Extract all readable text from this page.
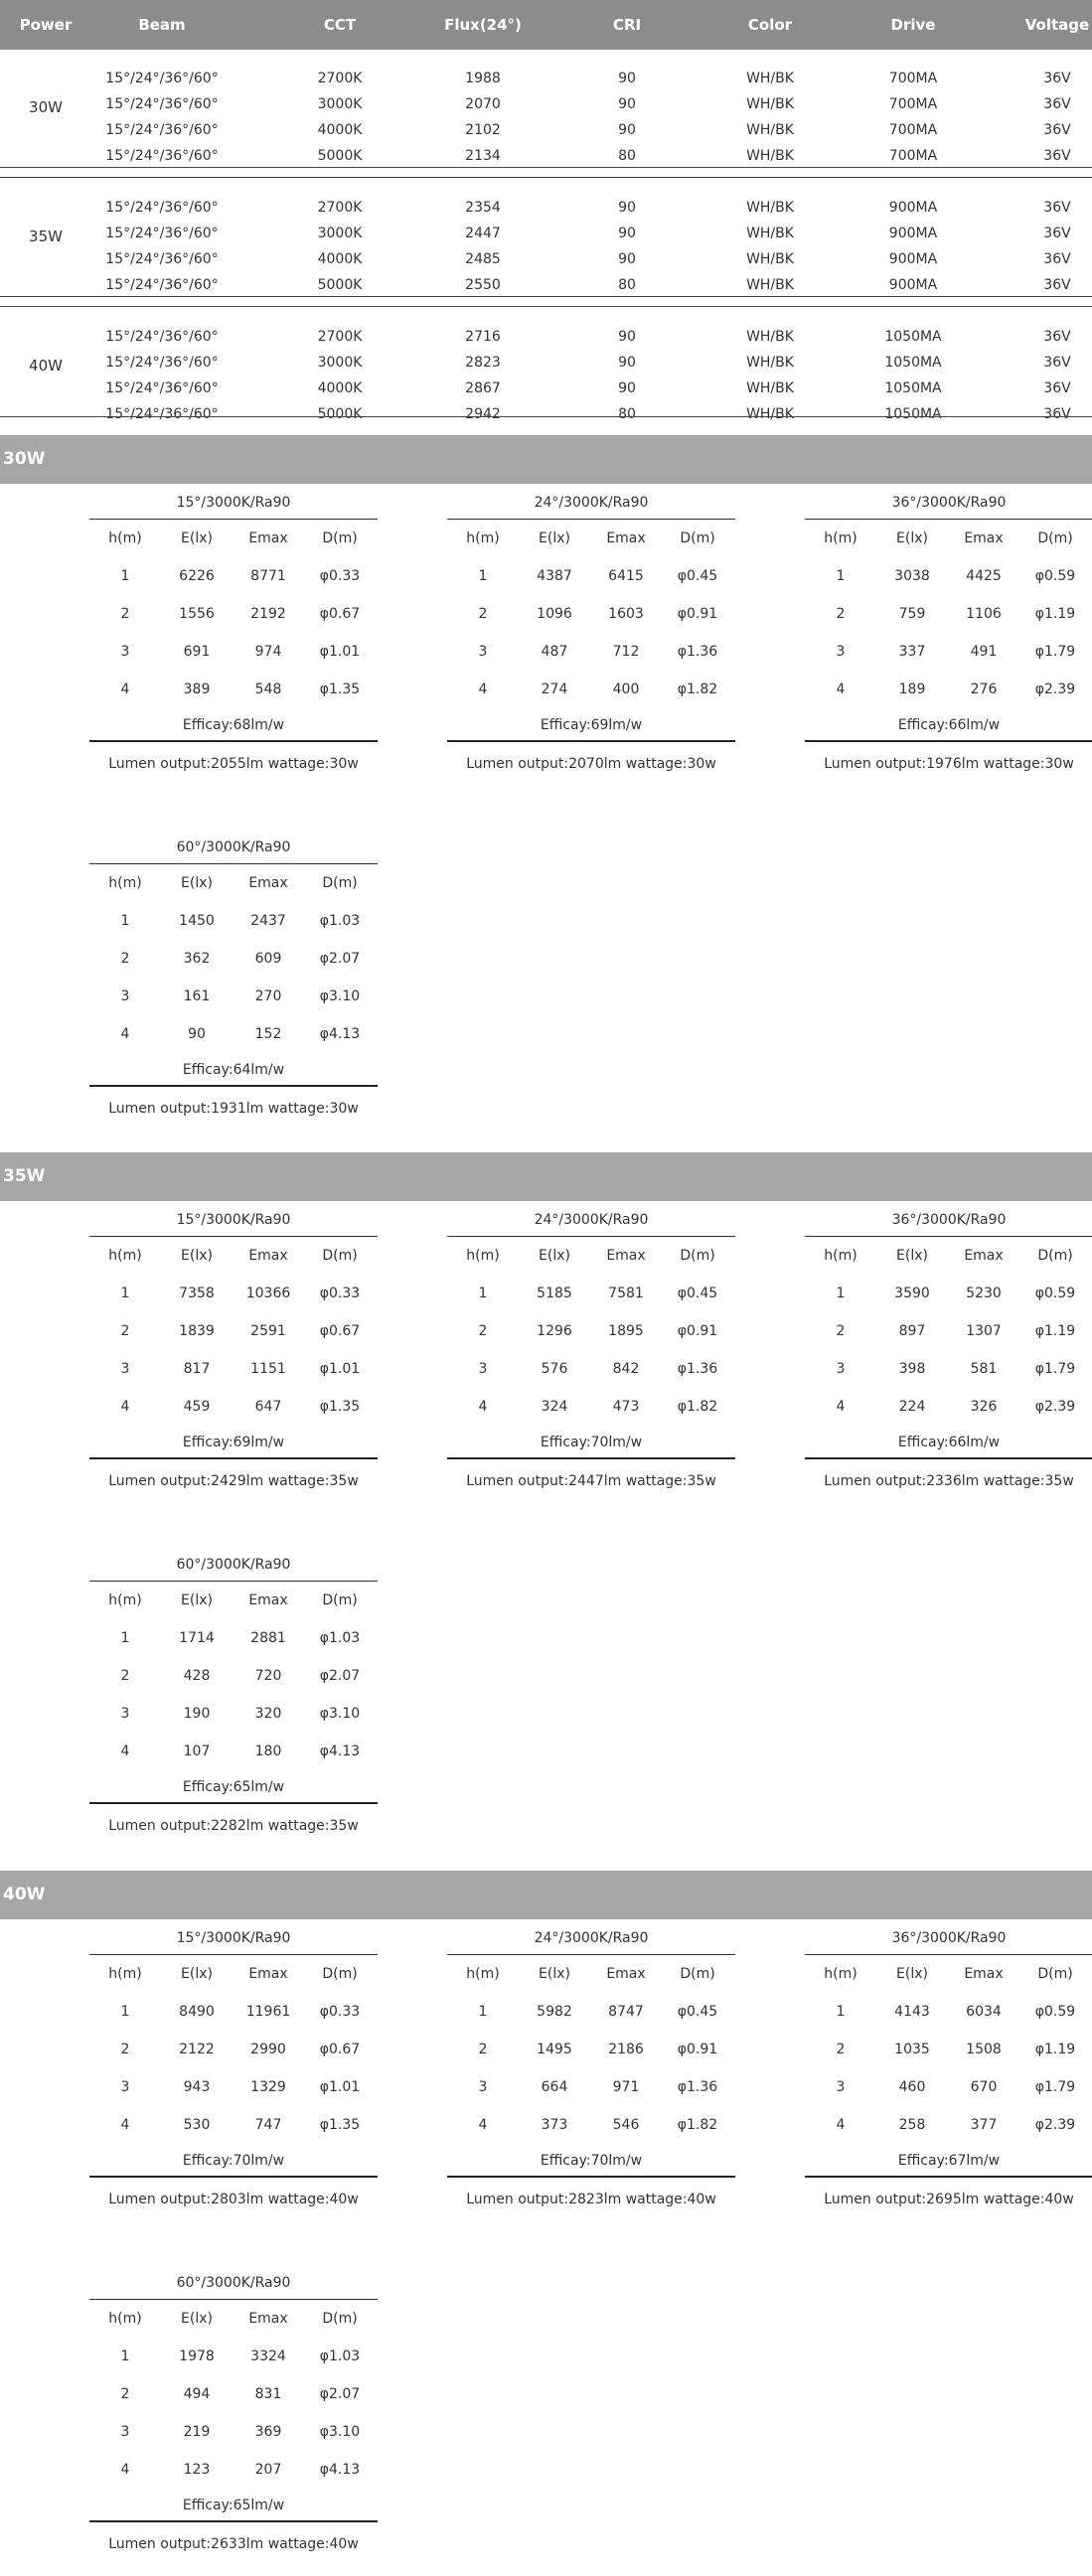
Power	Beam	CCT	Flux(24°)	CRI	Color	Drive	Voltage
30W
15°/24°/36°/60°	2700K	1988	90	WH/BK	700MA	36V
15°/24°/36°/60°	3000K	2070	90	WH/BK	700MA	36V
15°/24°/36°/60°	4000K	2102	90	WH/BK	700MA	36V
15°/24°/36°/60°	5000K	2134	80	WH/BK	700MA	36V
35W
15°/24°/36°/60°	2700K	2354	90	WH/BK	900MA	36V
15°/24°/36°/60°	3000K	2447	90	WH/BK	900MA	36V
15°/24°/36°/60°	4000K	2485	90	WH/BK	900MA	36V
15°/24°/36°/60°	5000K	2550	80	WH/BK	900MA	36V
40W
15°/24°/36°/60°	2700K	2716	90	WH/BK	1050MA	36V
15°/24°/36°/60°	3000K	2823	90	WH/BK	1050MA	36V
15°/24°/36°/60°	4000K	2867	90	WH/BK	1050MA	36V
15°/24°/36°/60°	5000K	2942	80	WH/BK	1050MA	36V
30W
15°/3000K/Ra90
h(m)	E(lx)	Emax D(m)
1	6226	8771 φ0.33
2	1556	2192 φ0.67
3	691	974	φ1.01
4	389	548	φ1.35
Efficay:68lm/w
Lumen output:2055lm wattage:30w
24°/3000K/Ra90
h(m)	E(lx)	Emax D(m)
1	4387	6415 φ0.45
2	1096	1603 φ0.91
3	487	712	φ1.36
4	274	400	φ1.82
Efficay:69lm/w
Lumen output:2070lm wattage:30w
36°/3000K/Ra90
h(m)	E(lx)	Emax D(m)
1	3038	4425 φ0.59
2	759	1106 φ1.19
3	337	491	φ1.79
4	189	276	φ2.39
Efficay:66lm/w
Lumen output:1976lm wattage:30w
60°/3000K/Ra90
h(m)	E(lx)	Emax D(m)
1	1450	2437 φ1.03
2	362	609	φ2.07
3	161	270	φ3.10
4	90	152	φ4.13
Efficay:64lm/w
Lumen output:1931lm wattage:30w
35W
15°/3000K/Ra90
h(m)	E(lx)	Emax D(m)
1	7358 10366 φ0.33
2	1839	2591 φ0.67
3	817	1151 φ1.01
4	459	647	φ1.35
Efficay:69lm/w
Lumen output:2429lm wattage:35w
24°/3000K/Ra90
h(m)	E(lx)	Emax D(m)
1	5185	7581 φ0.45
2	1296	1895 φ0.91
3	576	842	φ1.36
4	324	473	φ1.82
Efficay:70lm/w
Lumen output:2447lm wattage:35w
36°/3000K/Ra90
h(m)	E(lx)	Emax D(m)
1	3590	5230 φ0.59
2	897	1307 φ1.19
3	398	581	φ1.79
4	224	326	φ2.39
Efficay:66lm/w
Lumen output:2336lm wattage:35w
60°/3000K/Ra90
h(m)	E(lx)	Emax D(m)
1	1714	2881 φ1.03
2	428	720	φ2.07
3	190	320	φ3.10
4	107	180	φ4.13
Efficay:65lm/w
Lumen output:2282lm wattage:35w
40W
15°/3000K/Ra90
h(m)	E(lx)	Emax D(m)
1	8490 11961 φ0.33
2	2122	2990 φ0.67
3	943	1329 φ1.01
4	530	747	φ1.35
Efficay:70lm/w
Lumen output:2803lm wattage:40w
24°/3000K/Ra90
h(m)	E(lx)	Emax D(m)
1	5982	8747 φ0.45
2	1495	2186 φ0.91
3	664	971	φ1.36
4	373	546	φ1.82
Efficay:70lm/w
Lumen output:2823lm wattage:40w
36°/3000K/Ra90
h(m)	E(lx)	Emax D(m)
1	4143	6034 φ0.59
2	1035	1508 φ1.19
3	460	670	φ1.79
4	258	377	φ2.39
Efficay:67lm/w
Lumen output:2695lm wattage:40w
60°/3000K/Ra90
h(m)	E(lx)	Emax D(m)
1	1978	3324 φ1.03
2	494	831	φ2.07
3	219	369	φ3.10
4	123	207	φ4.13
Efficay:65lm/w
Lumen output:2633lm wattage:40w
